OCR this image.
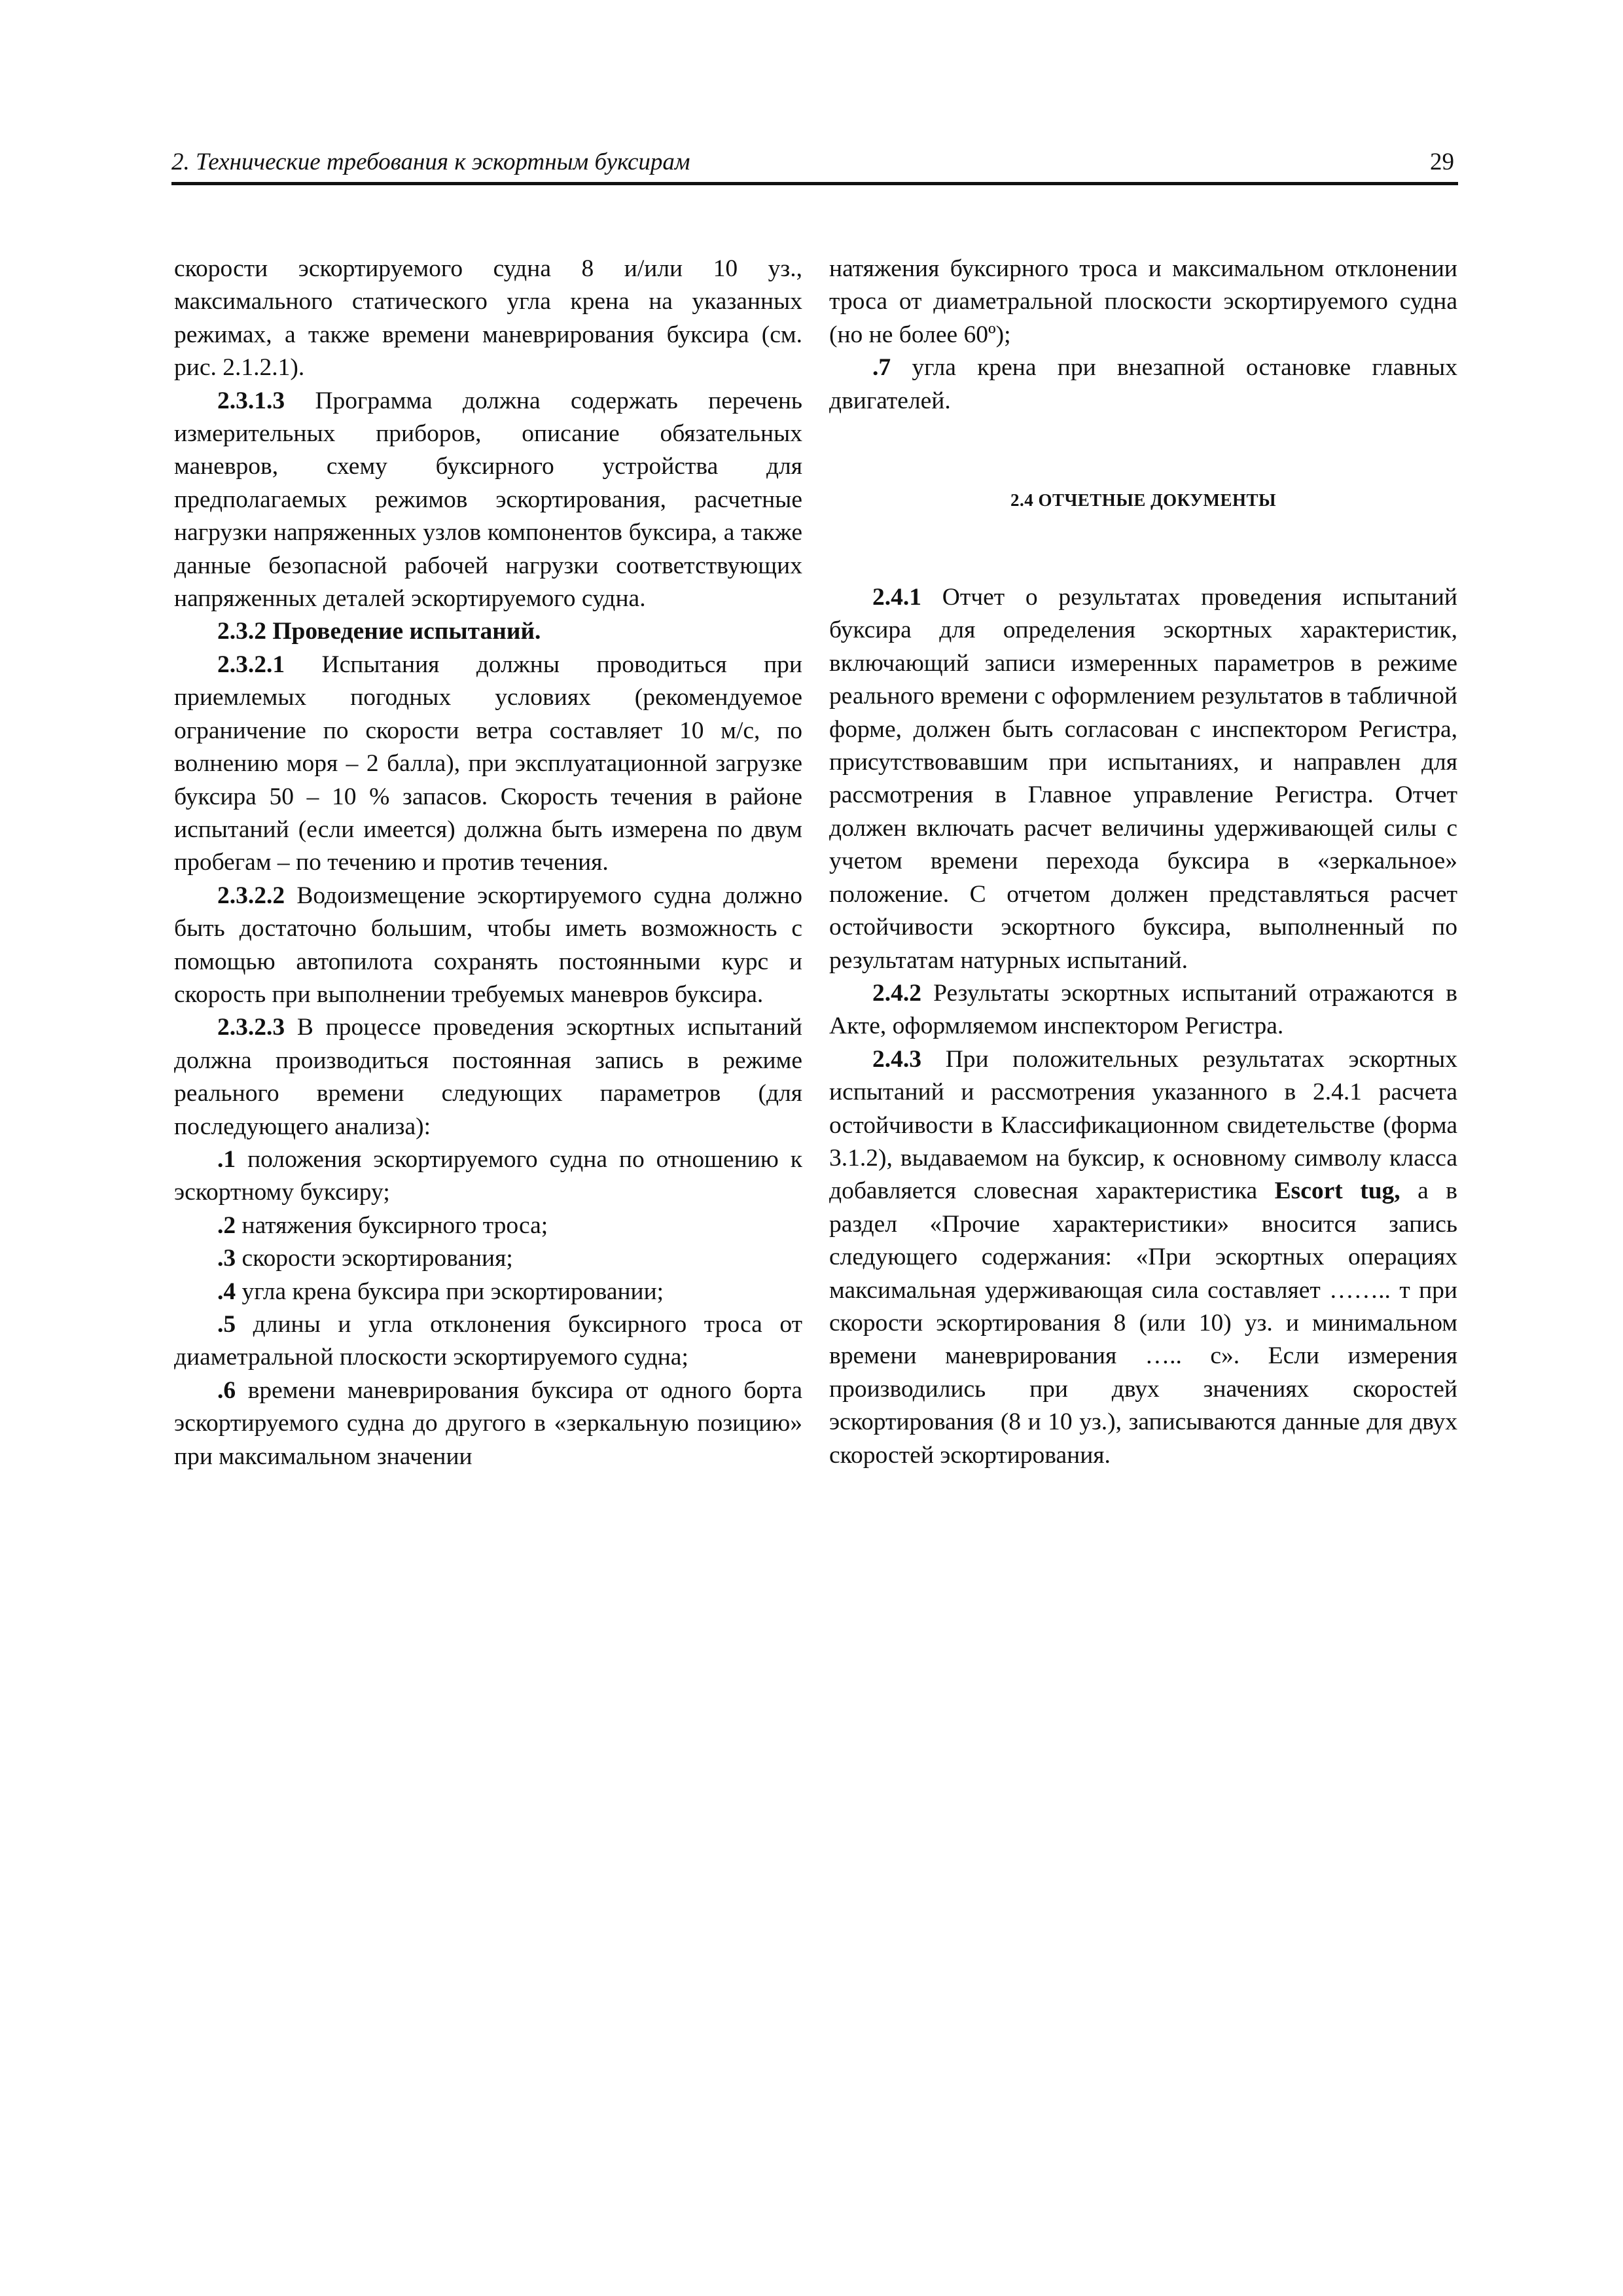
2. Технические требования к эскортным буксирам	29

скорости эскортируемого судна 8 и/или 10 уз., максимального статического угла крена на указанных режимах, а также времени маневрирования буксира (см. рис. 2.1.2.1).

2.3.1.3 Программа должна содержать перечень измерительных приборов, описание обязательных маневров, схему буксирного устройства для предполагаемых режимов эскортирования, расчетные нагрузки напряженных узлов компонентов буксира, а также данные безопасной рабочей нагрузки соответствующих напряженных деталей эскортируемого судна.

2.3.2 Проведение испытаний.

2.3.2.1 Испытания должны проводиться при приемлемых погодных условиях (рекомендуемое ограничение по скорости ветра составляет 10 м/с, по волнению моря – 2 балла), при эксплуатационной загрузке буксира 50 – 10 % запасов. Скорость течения в районе испытаний (если имеется) должна быть измерена по двум пробегам – по течению и против течения.

2.3.2.2 Водоизмещение эскортируемого судна должно быть достаточно большим, чтобы иметь возможность с помощью автопилота сохранять постоянными курс и скорость при выполнении требуемых маневров буксира.

2.3.2.3 В процессе проведения эскортных испытаний должна производиться постоянная запись в режиме реального времени следующих параметров (для последующего анализа):

.1 положения эскортируемого судна по отношению к эскортному буксиру;

.2 натяжения буксирного троса;

.3 скорости эскортирования;

.4 угла крена буксира при эскортировании;

.5 длины и угла отклонения буксирного троса от диаметральной плоскости эскортируемого судна;

.6 времени маневрирования буксира от одного борта эскортируемого судна до другого в «зеркальную позицию» при максимальном значении

натяжения буксирного троса и максимальном отклонении троса от диаметральной плоскости эскортируемого судна (но не более 60º);

.7 угла крена при внезапной остановке главных двигателей.

2.4 ОТЧЕТНЫЕ ДОКУМЕНТЫ

2.4.1 Отчет о результатах проведения испытаний буксира для определения эскортных характеристик, включающий записи измеренных параметров в режиме реального времени с оформлением результатов в табличной форме, должен быть согласован с инспектором Регистра, присутствовавшим при испытаниях, и направлен для рассмотрения в Главное управление Регистра. Отчет должен включать расчет величины удерживающей силы с учетом времени перехода буксира в «зеркальное» положение. С отчетом должен представляться расчет остойчивости эскортного буксира, выполненный по результатам натурных испытаний.

2.4.2 Результаты эскортных испытаний отражаются в Акте, оформляемом инспектором Регистра.

2.4.3 При положительных результатах эскортных испытаний и рассмотрения указанного в 2.4.1 расчета остойчивости в Классификационном свидетельстве (форма 3.1.2), выдаваемом на буксир, к основному символу класса добавляется словесная характеристика Escort tug, а в раздел «Прочие характеристики» вносится запись следующего содержания: «При эскортных операциях максимальная удерживающая сила составляет …….. т при скорости эскортирования 8 (или 10) уз. и минимальном времени маневрирования ….. с». Если измерения производились при двух значениях скоростей эскортирования (8 и 10 уз.), записываются данные для двух скоростей эскортирования.
